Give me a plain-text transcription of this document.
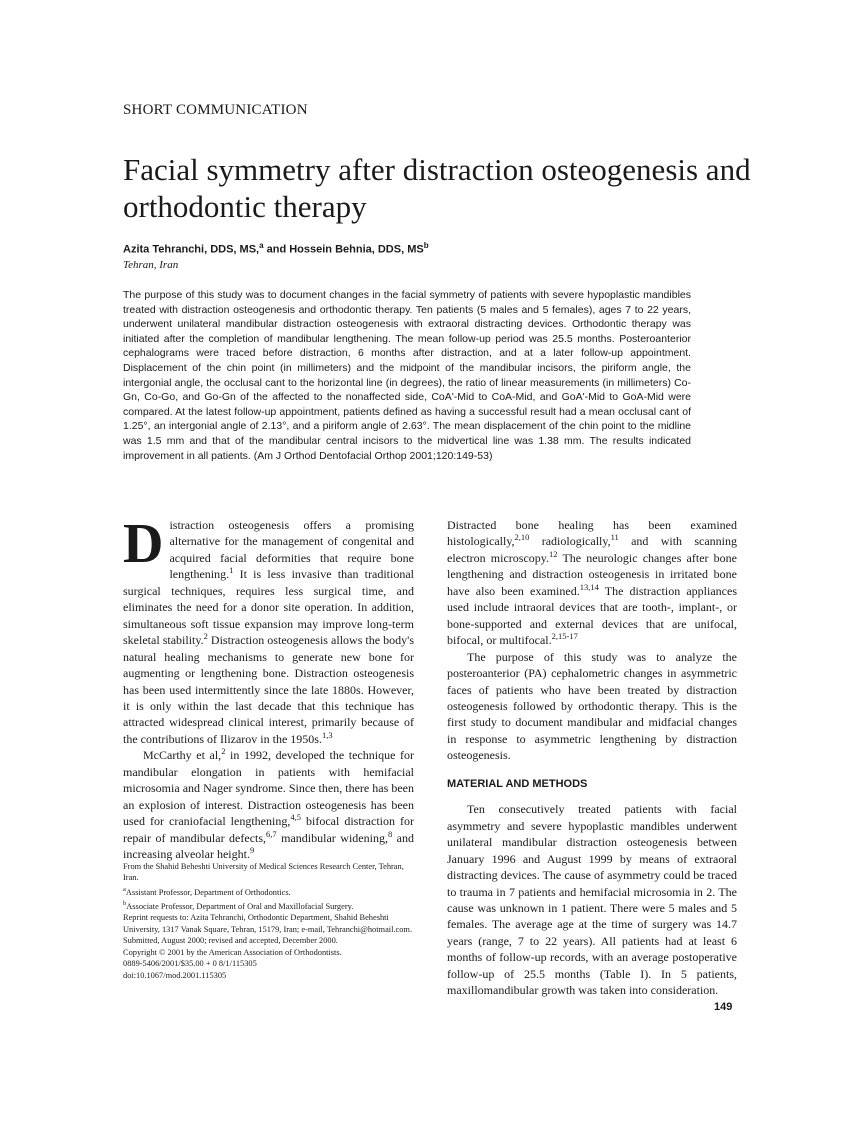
SHORT COMMUNICATION
Facial symmetry after distraction osteogenesis and orthodontic therapy
Azita Tehranchi, DDS, MS,$^a$ and Hossein Behnia, DDS, $MS^b$
Tehran, Iran

The purpose of this study was to document changes in the facial symmetry of patients with severe hypoplastic mandibles treated with distraction osteogenesis and orthodontic therapy. Ten patients (5 males and 5 females), ages 7 to 22 years, underwent unilateral mandibular distraction osteogenesis with extraoral distracting devices. Orthodontic therapy was initiated after the completion of mandibular lengthening. The mean follow-up period was 25.5 months. Posteroanterior cephalograms were traced before distraction, 6 months after distraction, and at a later follow-up appointment. Displacement of the chin point (in millimeters) and the midpoint of the mandibular incisors, the piriform angle, the intergonial angle, the occlusal cant to the horizontal line (in degrees), the ratio of linear measurements (in millimeters) Co-Gn, Co-Go, and Go-Gn of the affected to the nonaffected side, CoA'-Mid to CoA-Mid, and GoA'-Mid to GoA-Mid were compared. At the latest follow-up appointment, patients defined as having a successful result had a mean occlusal cant of 1.25°, an intergonial angle of 2.13°, and a piriform angle of 2.63°. The mean displacement of the chin point to the midline was 1.5 mm and that of the mandibular central incisors to the midvertical line was 1.38 mm. The results indicated improvement in all patients. (Am J Orthod Dentofacial Orthop 2001;120:149-53)

Distraction osteogenesis offers a promising alternative for the management of congenital and acquired facial deformities that require bone lengthening.$^1$ It is less invasive than traditional surgical techniques, requires less surgical time, and eliminates the need for a donor site operation. In addition, simultaneous soft tissue expansion may improve long-term skeletal stability.$^2$ Distraction osteogenesis allows the body's natural healing mechanisms to generate new bone for augmenting or lengthening bone. Distraction osteogenesis has been used intermittently since the late 1880s. However, it is only within the last decade that this technique has attracted widespread clinical interest, primarily because of the contributions of Ilizarov in the 1950s.$^{1,3}$

McCarthy et al,$^2$ in 1992, developed the technique for mandibular elongation in patients with hemifacial microsomia and Nager syndrome. Since then, there has been an explosion of interest. Distraction osteogenesis has been used for craniofacial lengthening,$^{4,5}$ bifocal distraction for repair of mandibular defects,$^{6,7}$ mandibular widening,$^8$ and increasing alveolar height.$^9$

From the Shahid Beheshti University of Medical Sciences Research Center, Tehran, Iran.
$^a$Assistant Professor, Department of Orthodontics.
$^b$Associate Professor, Department of Oral and Maxillofacial Surgery.
Reprint requests to: Azita Tehranchi, Orthodontic Department, Shahid Beheshti University, 1317 Vanak Square, Tehran, 15179, Iran; e-mail, Tehranchi@hotmail.com.
Submitted, August 2000; revised and accepted, December 2000.
Copyright © 2001 by the American Association of Orthodontists.
0889-5406/2001/$35.00 + 0 8/1/115305
doi:10.1067/mod.2001.115305

Distracted bone healing has been examined histologically,$^{2,10}$ radiologically,$^{11}$ and with scanning electron microscopy.$^{12}$ The neurologic changes after bone lengthening and distraction osteogenesis in irritated bone have also been examined.$^{13,14}$ The distraction appliances used include intraoral devices that are tooth-, implant-, or bone-supported and external devices that are unifocal, bifocal, or multifocal.$^{2,15-17}$

The purpose of this study was to analyze the posteroanterior (PA) cephalometric changes in asymmetric faces of patients who have been treated by distraction osteogenesis followed by orthodontic therapy. This is the first study to document mandibular and midfacial changes in response to asymmetric lengthening by distraction osteogenesis.

MATERIAL AND METHODS

Ten consecutively treated patients with facial asymmetry and severe hypoplastic mandibles underwent unilateral mandibular distraction osteogenesis between January 1996 and August 1999 by means of extraoral distracting devices. The cause of asymmetry could be traced to trauma in 7 patients and hemifacial microsomia in 2. The cause was unknown in 1 patient. There were 5 males and 5 females. The average age at the time of surgery was 14.7 years (range, 7 to 22 years). All patients had at least 6 months of follow-up records, with an average postoperative follow-up of 25.5 months (Table I). In 5 patients, maxillomandibular growth was taken into consideration.

149
